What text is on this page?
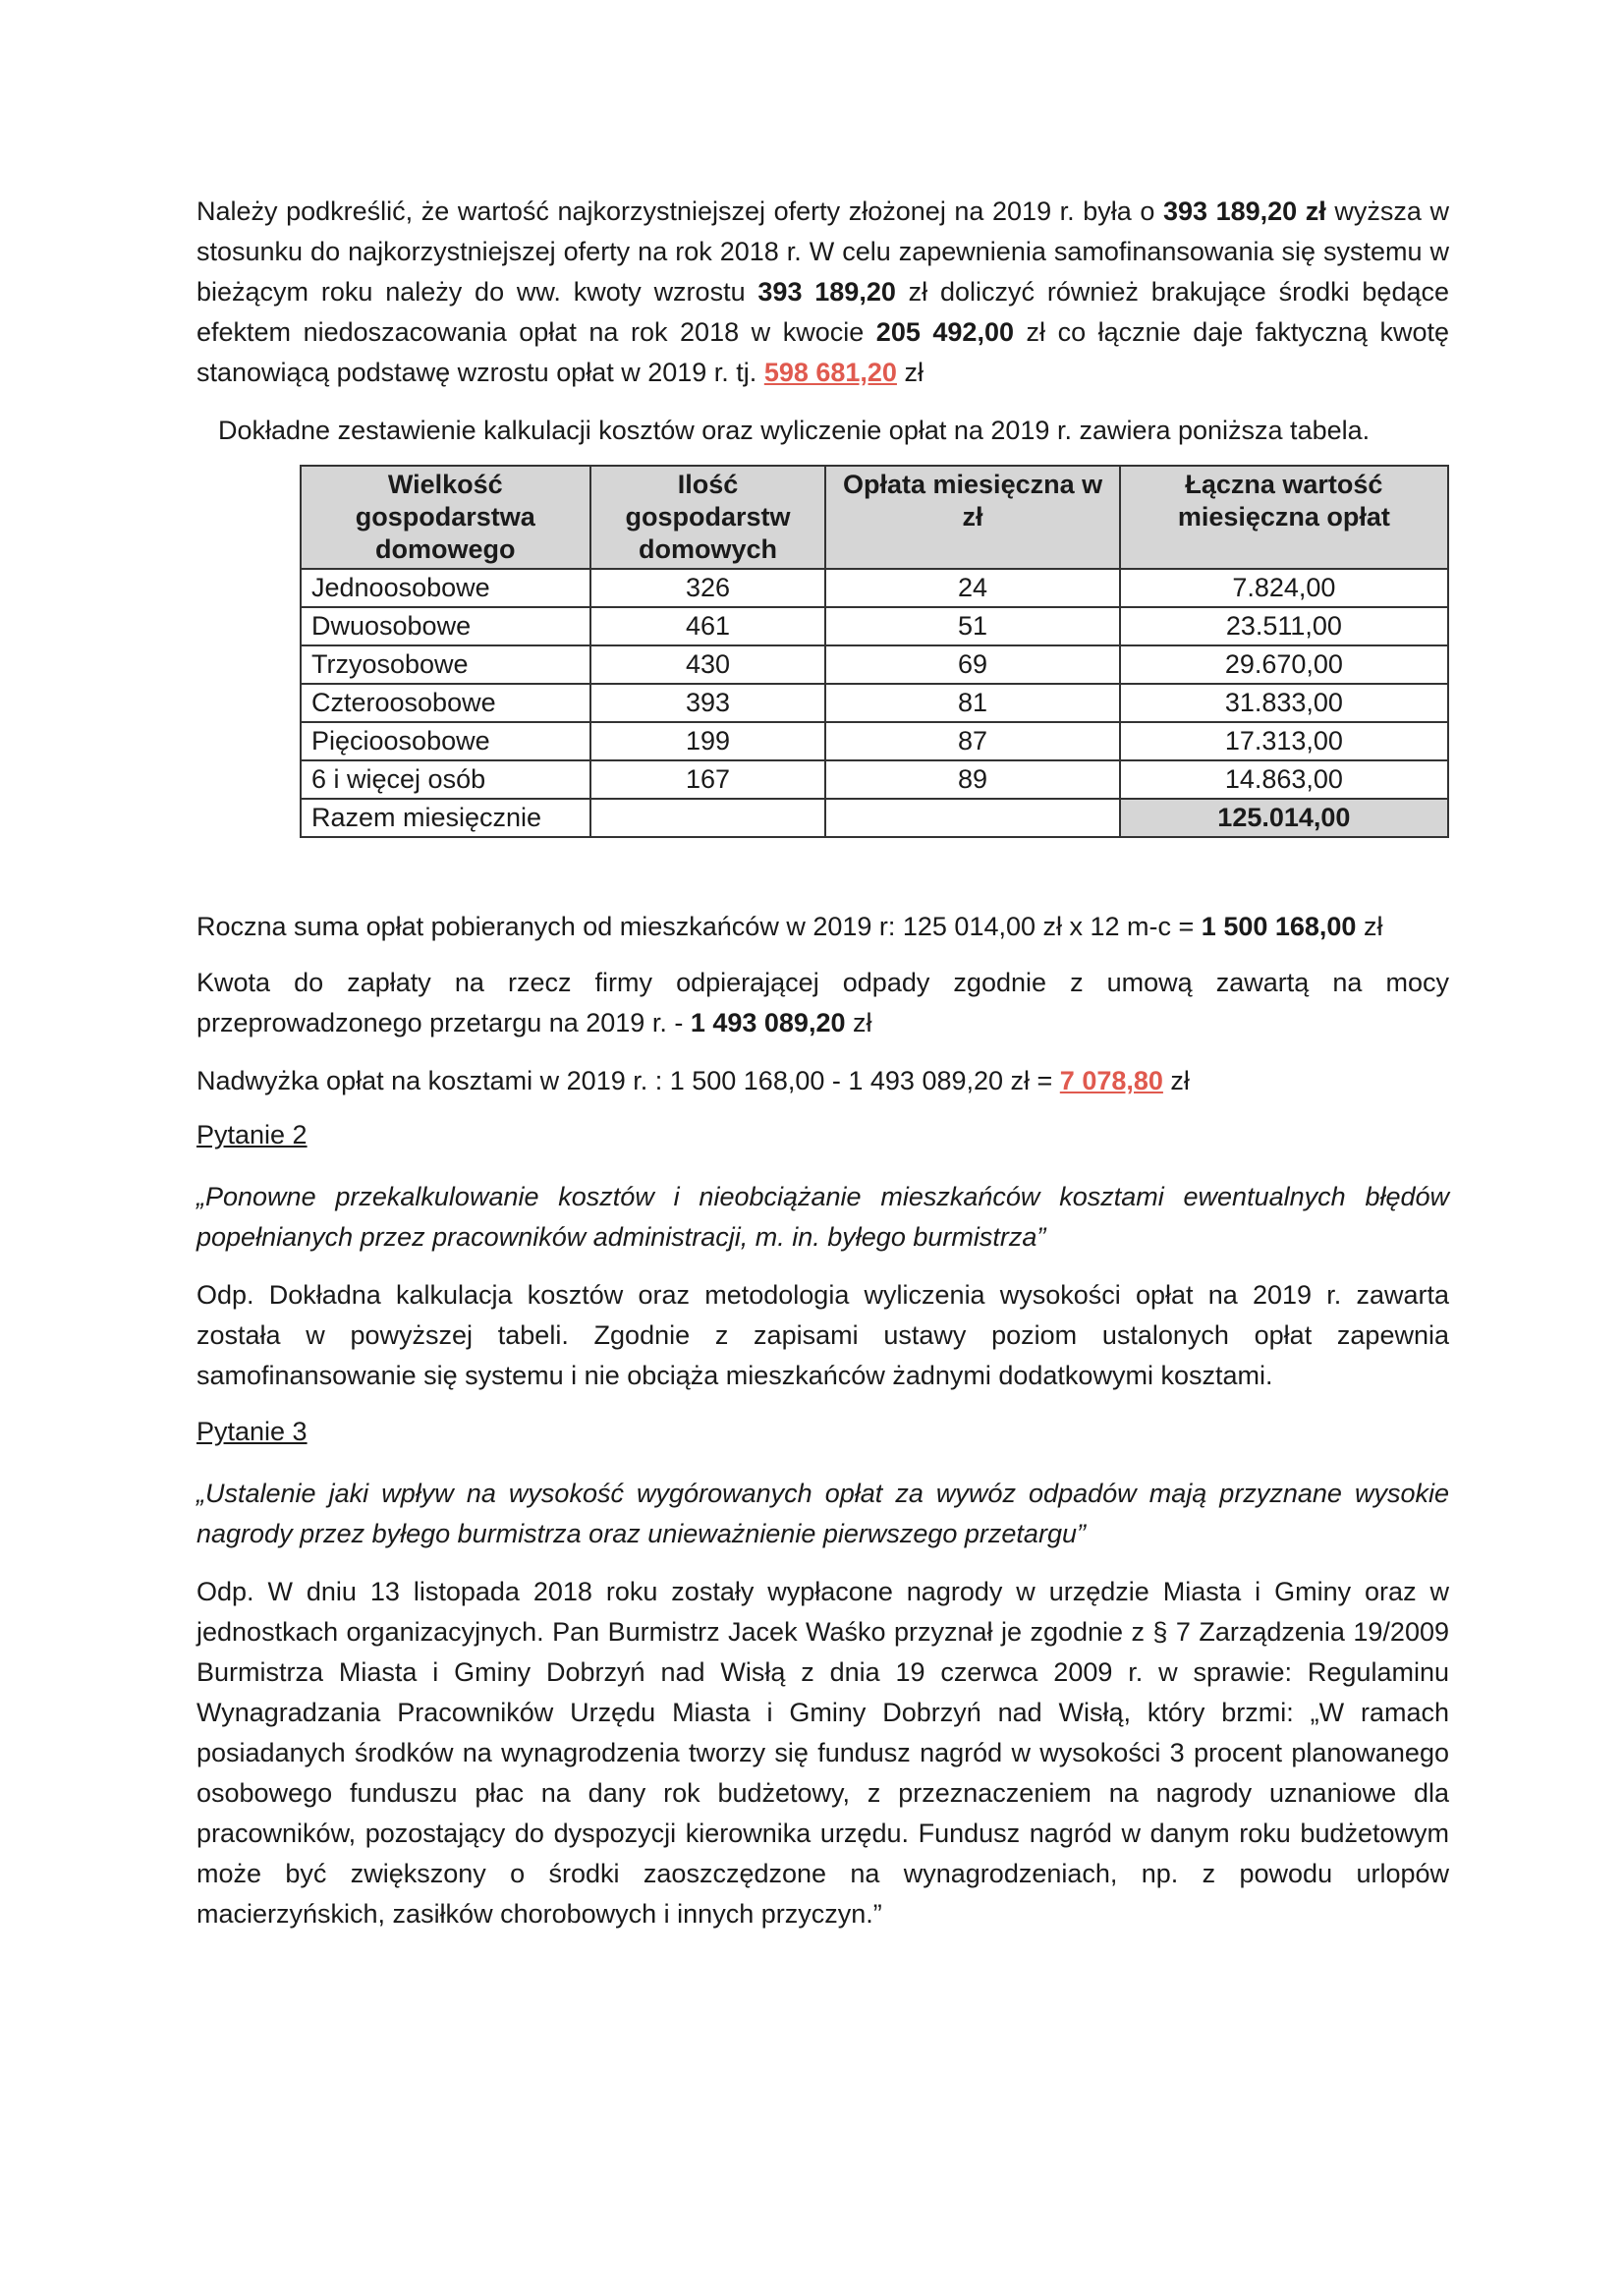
Należy podkreślić, że wartość najkorzystniejszej oferty złożonej na 2019 r. była o 393 189,20 zł wyższa w stosunku do najkorzystniejszej oferty na rok 2018 r. W celu zapewnienia samofinansowania się systemu w bieżącym roku należy do ww. kwoty wzrostu 393 189,20 zł doliczyć również brakujące środki będące efektem niedoszacowania opłat na rok 2018 w kwocie 205 492,00 zł co łącznie daje faktyczną kwotę stanowiącą podstawę wzrostu opłat w 2019 r. tj. 598 681,20 zł

Dokładne zestawienie kalkulacji kosztów oraz wyliczenie opłat na 2019 r. zawiera poniższa tabela.

Wielkość gospodarstwa domowego	Ilość gospodarstw domowych	Opłata miesięczna w zł	Łączna wartość miesięczna opłat
Jednoosobowe	326	24	7.824,00
Dwuosobowe	461	51	23.511,00
Trzyosobowe	430	69	29.670,00
Czteroosobowe	393	81	31.833,00
Pięcioosobowe	199	87	17.313,00
6 i więcej osób	167	89	14.863,00
Razem miesięcznie			125.014,00

Roczna suma opłat pobieranych od mieszkańców w 2019 r: 125 014,00 zł x 12 m-c = 1 500 168,00 zł

Kwota do zapłaty na rzecz firmy odpierającej odpady zgodnie z umową zawartą na mocy przeprowadzonego przetargu na 2019 r. - 1 493 089,20 zł

Nadwyżka opłat na kosztami w 2019 r. : 1 500 168,00 - 1 493 089,20 zł = 7 078,80 zł

Pytanie 2

„Ponowne przekalkulowanie kosztów i nieobciążanie mieszkańców kosztami ewentualnych błędów popełnianych przez pracowników administracji, m. in. byłego burmistrza”

Odp. Dokładna kalkulacja kosztów oraz metodologia wyliczenia wysokości opłat na 2019 r. zawarta została w powyższej tabeli. Zgodnie z zapisami ustawy poziom ustalonych opłat zapewnia samofinansowanie się systemu i nie obciąża mieszkańców żadnymi dodatkowymi kosztami.

Pytanie 3

„Ustalenie jaki wpływ na wysokość wygórowanych opłat za wywóz odpadów mają przyznane wysokie nagrody przez byłego burmistrza oraz unieważnienie pierwszego przetargu”

Odp. W dniu 13 listopada 2018 roku zostały wypłacone nagrody w urzędzie Miasta i Gminy oraz w jednostkach organizacyjnych. Pan Burmistrz Jacek Waśko przyznał je zgodnie z § 7 Zarządzenia 19/2009 Burmistrza Miasta i Gminy Dobrzyń nad Wisłą z dnia 19 czerwca 2009 r. w sprawie: Regulaminu Wynagradzania Pracowników Urzędu Miasta i Gminy Dobrzyń nad Wisłą, który brzmi: „W ramach posiadanych środków na wynagrodzenia tworzy się fundusz nagród w wysokości 3 procent planowanego osobowego funduszu płac na dany rok budżetowy, z przeznaczeniem na nagrody uznaniowe dla pracowników, pozostający do dyspozycji kierownika urzędu. Fundusz nagród w danym roku budżetowym może być zwiększony o środki zaoszczędzone na wynagrodzeniach, np. z powodu urlopów macierzyńskich, zasiłków chorobowych i innych przyczyn.”
